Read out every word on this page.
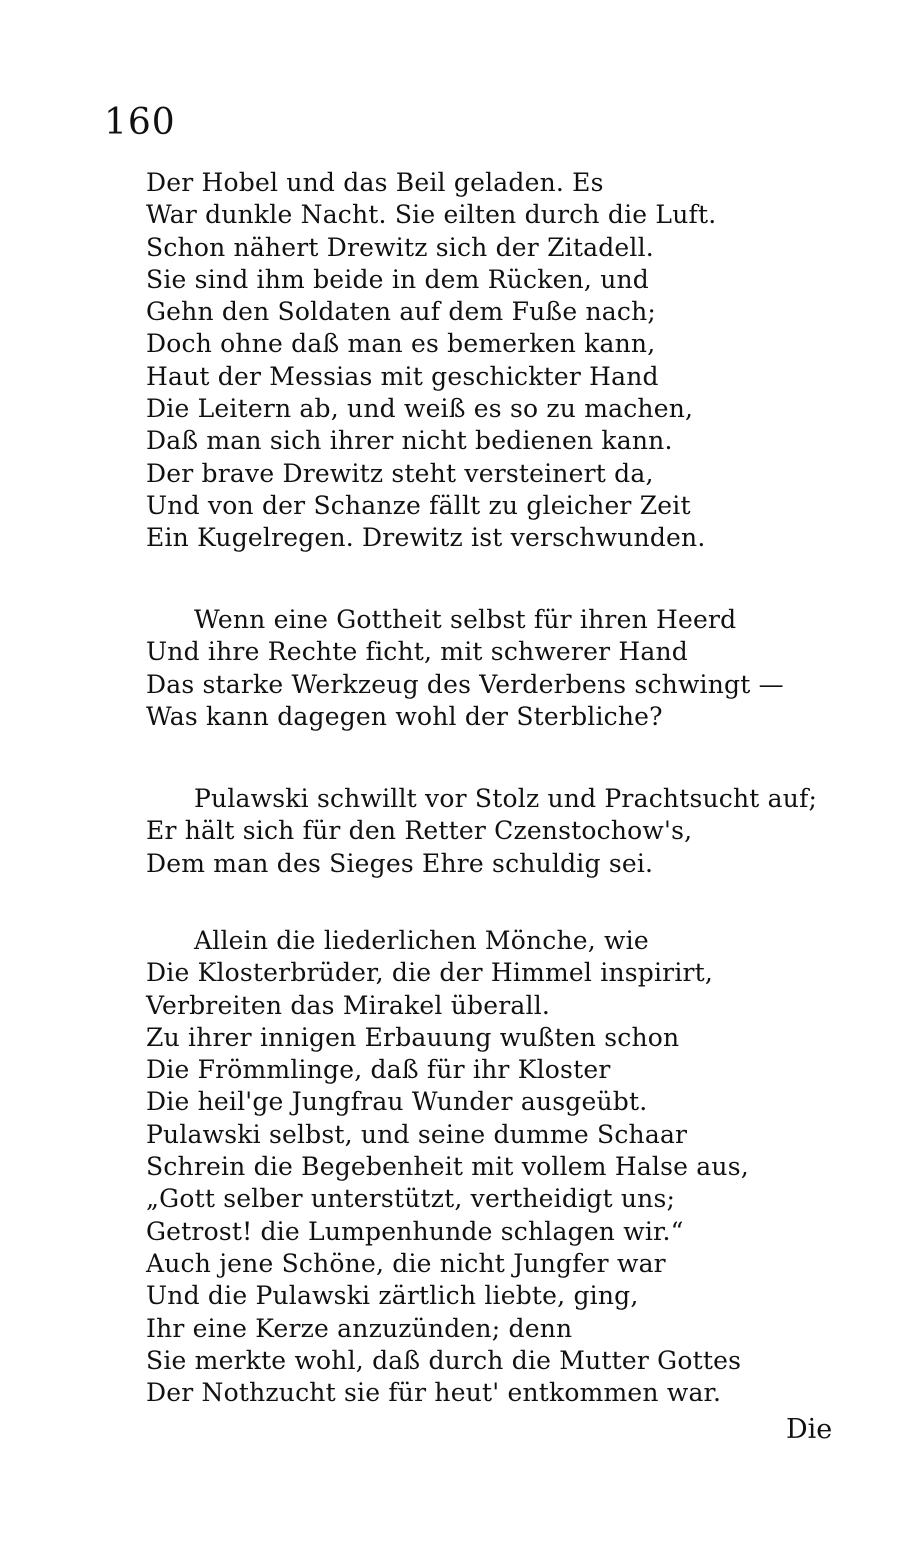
160
Der Hobel und das Beil geladen. Es
War dunkle Nacht. Sie eilten durch die Luft.
Schon nähert Drewitz sich der Zitadell.
Sie sind ihm beide in dem Rücken, und
Gehn den Soldaten auf dem Fuße nach;
Doch ohne daß man es bemerken kann,
Haut der Messias mit geschickter Hand
Die Leitern ab, und weiß es so zu machen,
Daß man sich ihrer nicht bedienen kann.
Der brave Drewitz steht versteinert da,
Und von der Schanze fällt zu gleicher Zeit
Ein Kugelregen. Drewitz ist verschwunden.
Wenn eine Gottheit selbst für ihren Heerd
Und ihre Rechte ficht, mit schwerer Hand
Das starke Werkzeug des Verderbens schwingt —
Was kann dagegen wohl der Sterbliche?
Pulawski schwillt vor Stolz und Prachtsucht auf;
Er hält sich für den Retter Czenstochow's,
Dem man des Sieges Ehre schuldig sei.
Allein die liederlichen Mönche, wie
Die Klosterbrüder, die der Himmel inspirirt,
Verbreiten das Mirakel überall.
Zu ihrer innigen Erbauung wußten schon
Die Frömmlinge, daß für ihr Kloster
Die heil'ge Jungfrau Wunder ausgeübt.
Pulawski selbst, und seine dumme Schaar
Schrein die Begebenheit mit vollem Halse aus,
„Gott selber unterstützt, vertheidigt uns;
Getrost! die Lumpenhunde schlagen wir.“
Auch jene Schöne, die nicht Jungfer war
Und die Pulawski zärtlich liebte, ging,
Ihr eine Kerze anzuzünden; denn
Sie merkte wohl, daß durch die Mutter Gottes
Der Nothzucht sie für heut' entkommen war.
Die
